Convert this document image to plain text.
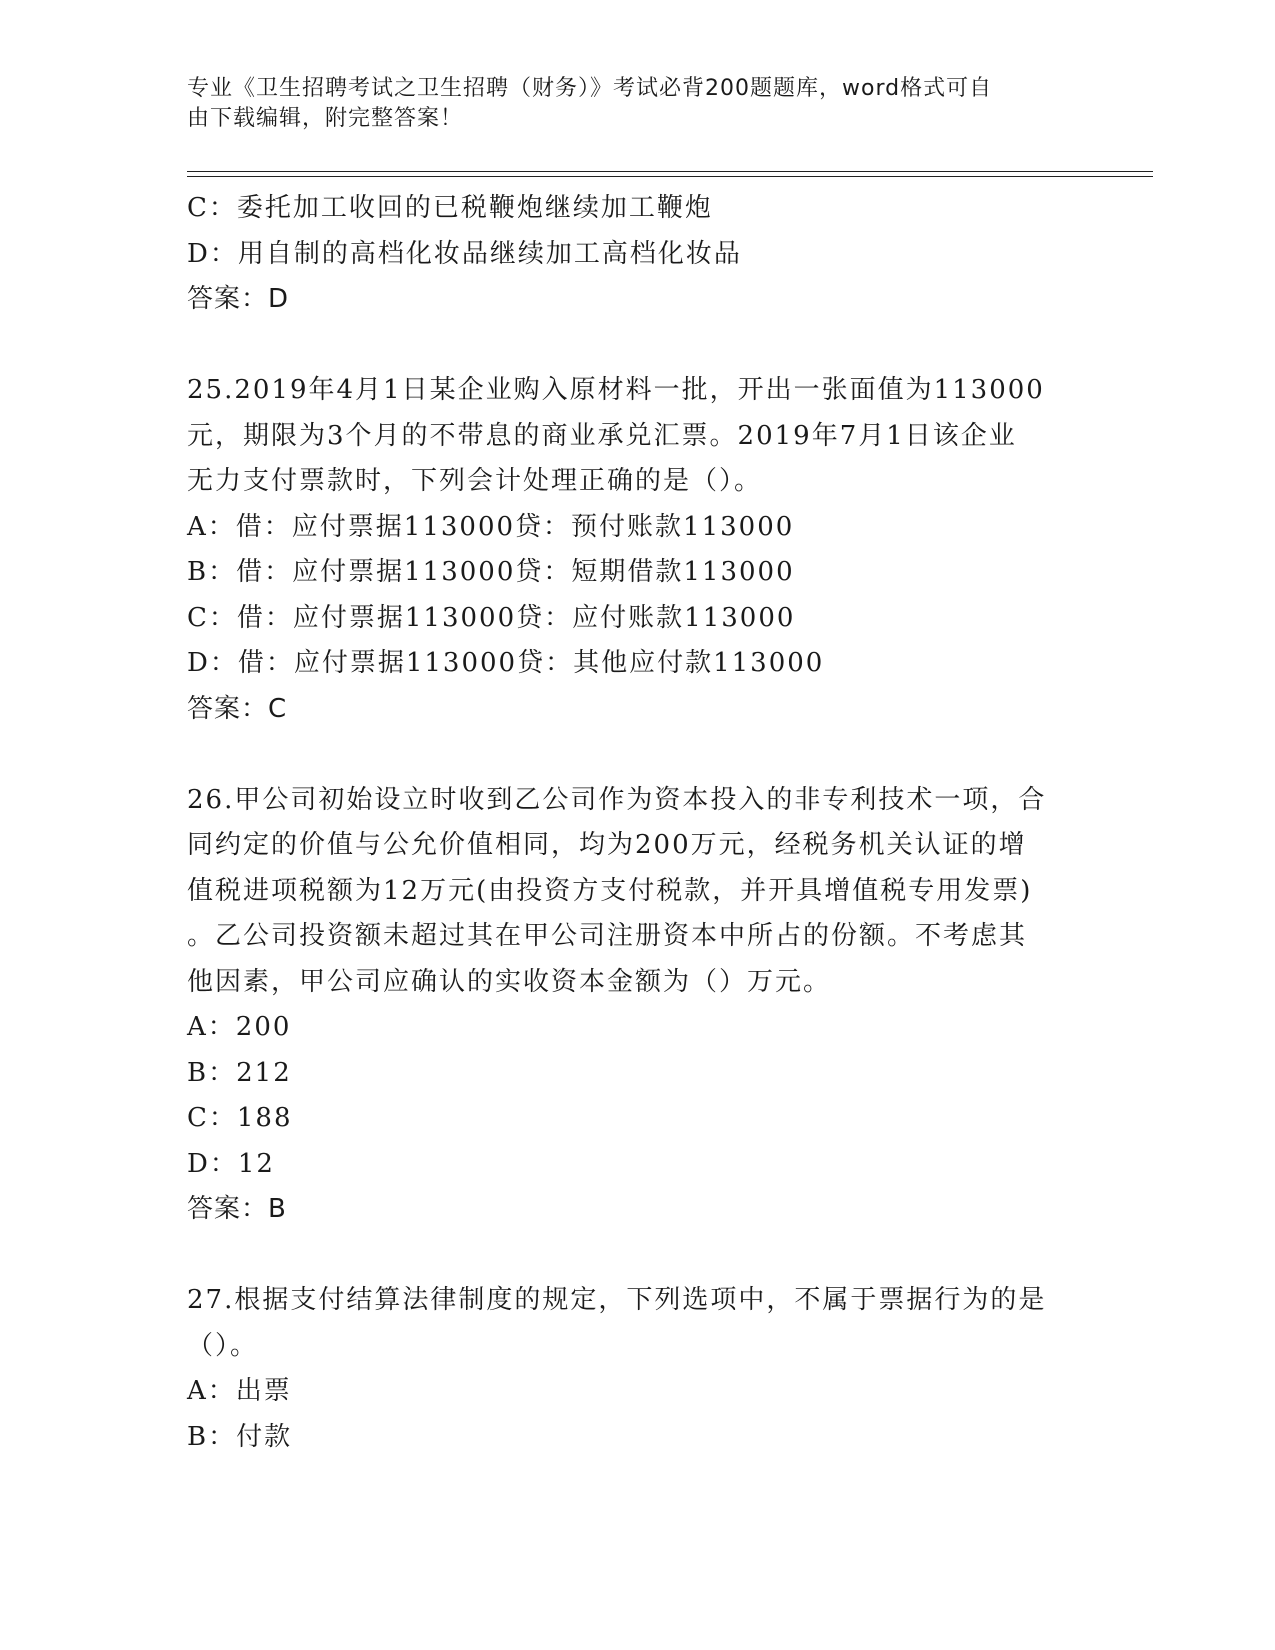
专业《卫生招聘考试之卫生招聘（财务）》考试必背200题题库，word格式可自
由下载编辑，附完整答案！
C：委托加工收回的已税鞭炮继续加工鞭炮
D：用自制的高档化妆品继续加工高档化妆品
答案：D
25.2019年4月1日某企业购入原材料一批，开出一张面值为113000
元，期限为3个月的不带息的商业承兑汇票。2019年7月1日该企业
无力支付票款时，下列会计处理正确的是（）。
A：借：应付票据113000贷：预付账款113000
B：借：应付票据113000贷：短期借款113000
C：借：应付票据113000贷：应付账款113000
D：借：应付票据113000贷：其他应付款113000
答案：C
26.甲公司初始设立时收到乙公司作为资本投入的非专利技术一项，合
同约定的价值与公允价值相同，均为200万元，经税务机关认证的增
值税进项税额为12万元(由投资方支付税款，并开具增值税专用发票)
。乙公司投资额未超过其在甲公司注册资本中所占的份额。不考虑其
他因素，甲公司应确认的实收资本金额为（）万元。
A：200
B：212
C：188
D：12
答案：B
27.根据支付结算法律制度的规定，下列选项中，不属于票据行为的是
（）。
A：出票
B：付款
